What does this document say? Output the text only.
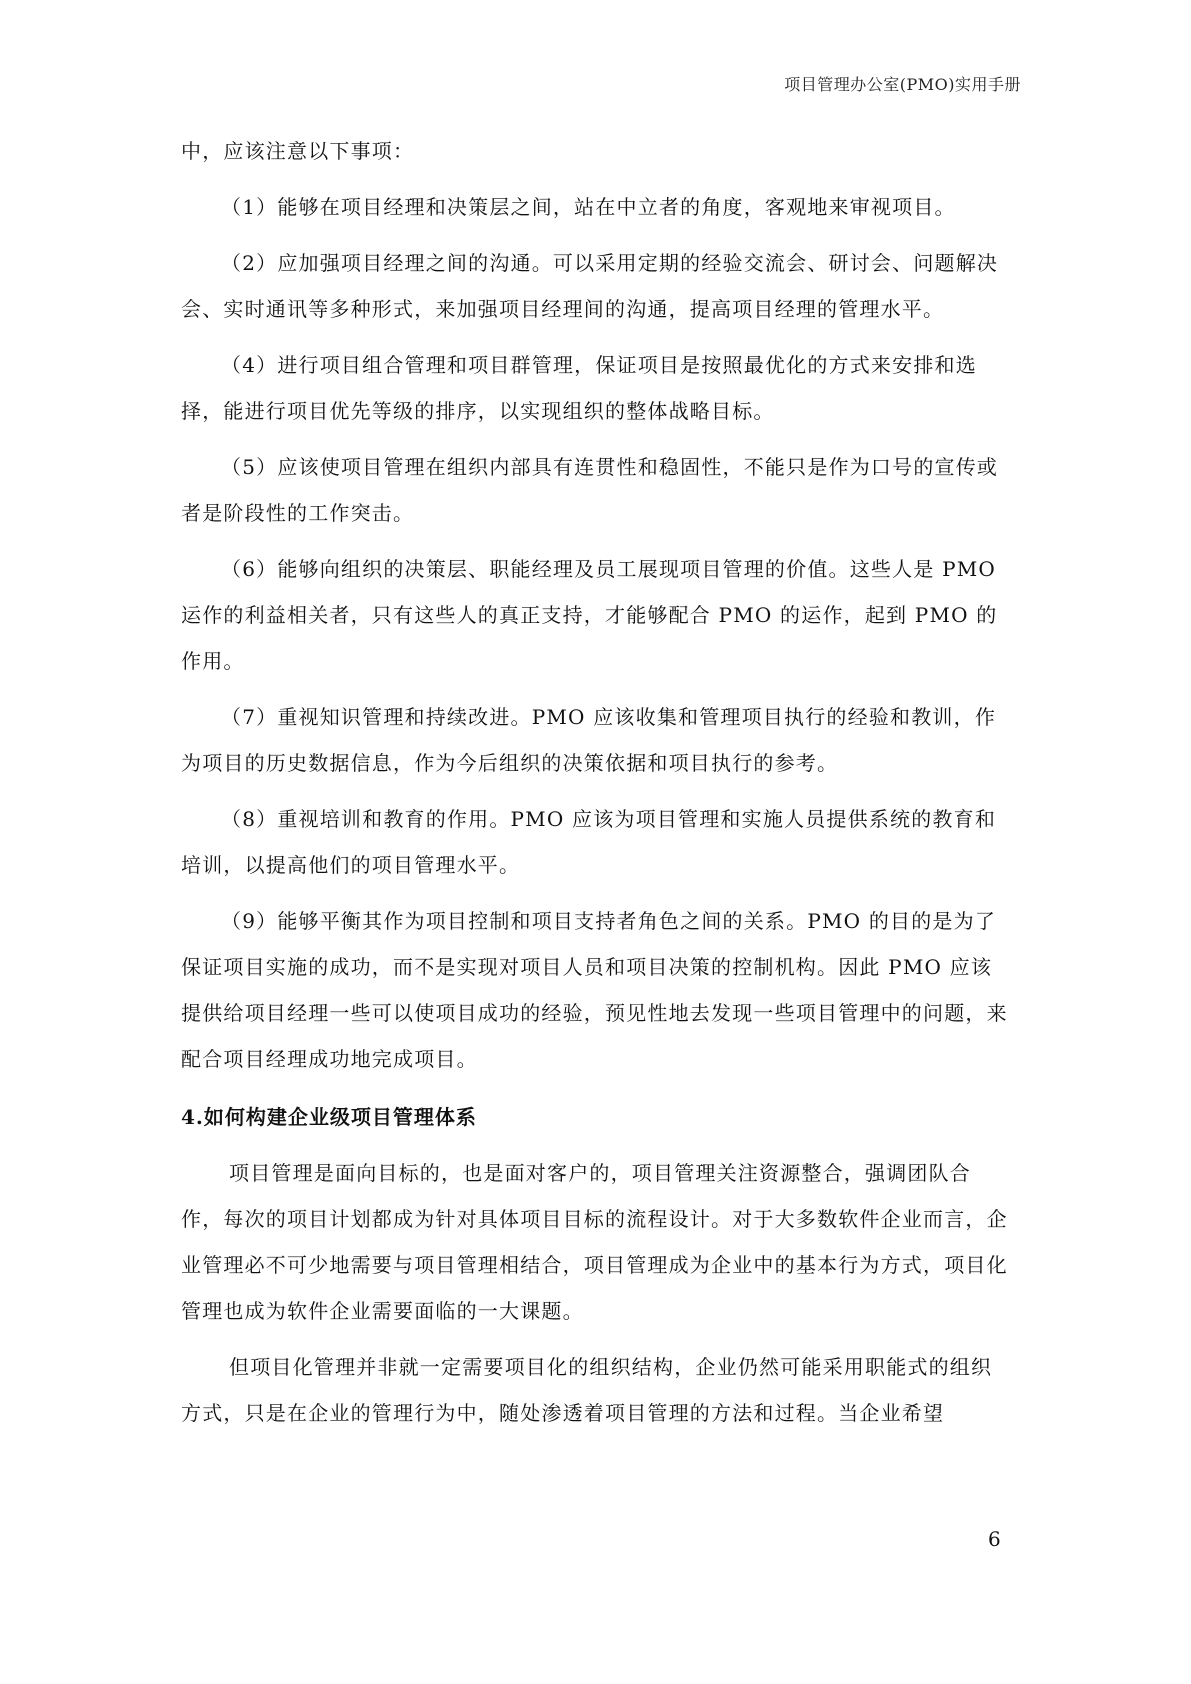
项目管理办公室(PMO)实用手册

中，应该注意以下事项：

（1）能够在项目经理和决策层之间，站在中立者的角度，客观地来审视项目。

（2）应加强项目经理之间的沟通。可以采用定期的经验交流会、研讨会、问题解决会、实时通讯等多种形式，来加强项目经理间的沟通，提高项目经理的管理水平。

（4）进行项目组合管理和项目群管理，保证项目是按照最优化的方式来安排和选择，能进行项目优先等级的排序，以实现组织的整体战略目标。

（5）应该使项目管理在组织内部具有连贯性和稳固性，不能只是作为口号的宣传或者是阶段性的工作突击。

（6）能够向组织的决策层、职能经理及员工展现项目管理的价值。这些人是 PMO 运作的利益相关者，只有这些人的真正支持，才能够配合 PMO 的运作，起到 PMO 的作用。

（7）重视知识管理和持续改进。PMO 应该收集和管理项目执行的经验和教训，作为项目的历史数据信息，作为今后组织的决策依据和项目执行的参考。

（8）重视培训和教育的作用。PMO 应该为项目管理和实施人员提供系统的教育和培训，以提高他们的项目管理水平。

（9）能够平衡其作为项目控制和项目支持者角色之间的关系。PMO 的目的是为了保证项目实施的成功，而不是实现对项目人员和项目决策的控制机构。因此 PMO 应该提供给项目经理一些可以使项目成功的经验，预见性地去发现一些项目管理中的问题，来配合项目经理成功地完成项目。

4.如何构建企业级项目管理体系

项目管理是面向目标的，也是面对客户的，项目管理关注资源整合，强调团队合作，每次的项目计划都成为针对具体项目目标的流程设计。对于大多数软件企业而言，企业管理必不可少地需要与项目管理相结合，项目管理成为企业中的基本行为方式，项目化管理也成为软件企业需要面临的一大课题。

但项目化管理并非就一定需要项目化的组织结构，企业仍然可能采用职能式的组织方式，只是在企业的管理行为中，随处渗透着项目管理的方法和过程。当企业希望

6
